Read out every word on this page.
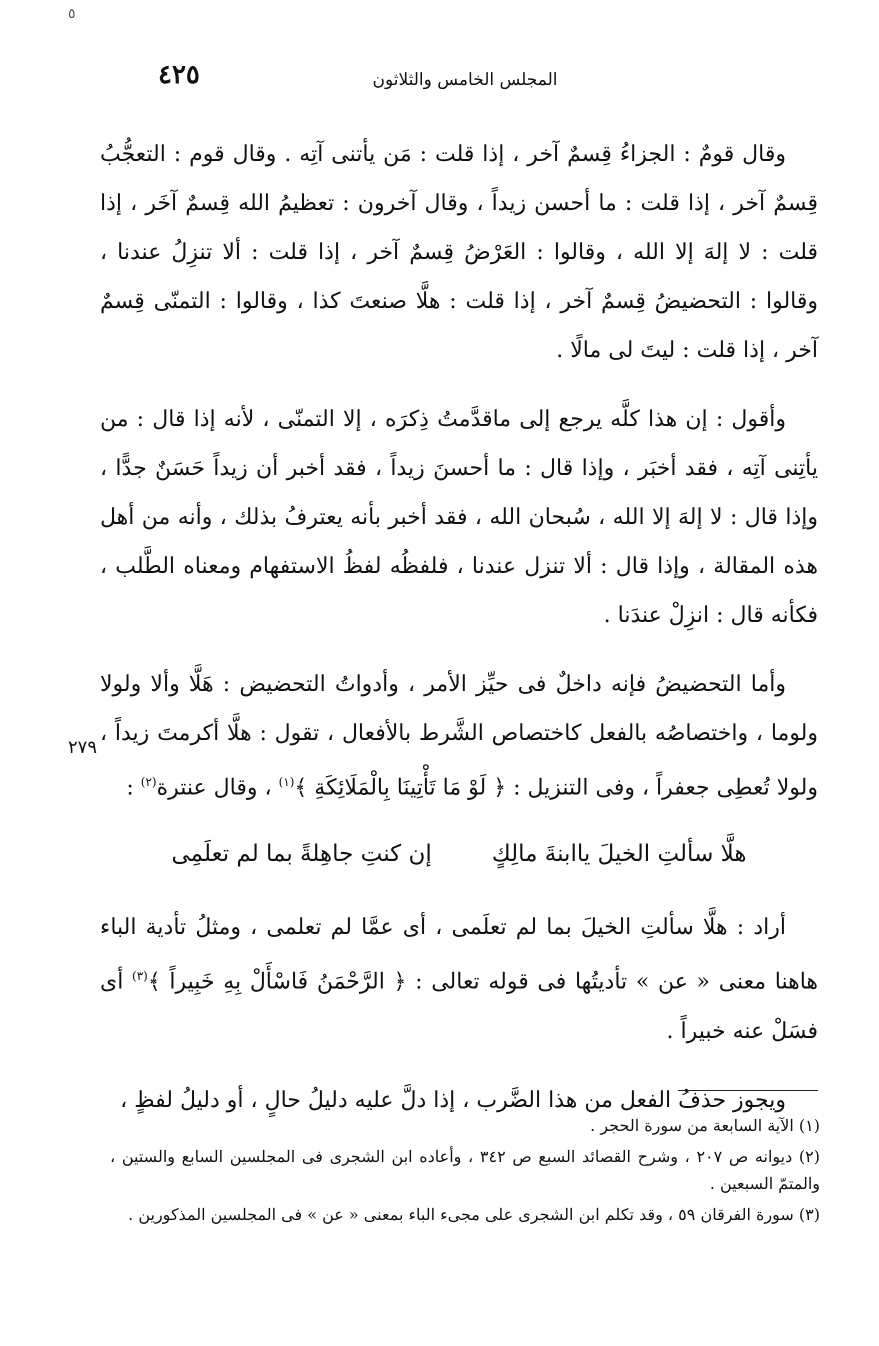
٥
المجلس الخامس والثلاثون
٤٢٥

وقال قومٌ : الجزاءُ قِسمٌ آخر ، إذا قلت : مَن يأتنى آتِه . وقال قوم : التعجُّبُ قِسمٌ آخر ، إذا قلت : ما أحسن زيداً ، وقال آخرون : تعظيمُ الله قِسمٌ آخَر ، إذا قلت : لا إلهَ إلا الله ، وقالوا : العَرْضُ قِسمٌ آخر ، إذا قلت : ألا تنزِلُ عندنا ، وقالوا : التحضيضُ قِسمٌ آخر ، إذا قلت : هلَّا صنعتَ كذا ، وقالوا : التمنّى قِسمٌ آخر ، إذا قلت : ليتَ لى مالًا .

وأقول : إن هذا كلَّه يرجع إلى ماقدَّمتُ ذِكرَه ، إلا التمنّى ، لأنه إذا قال : من يأتِنى آتِه ، فقد أخبَر ، وإذا قال : ما أحسنَ زيداً ، فقد أخبر أن زيداً حَسَنٌ جدًّا ، وإذا قال : لا إلهَ إلا الله ، سُبحان الله ، فقد أخبر بأنه يعترفُ بذلك ، وأنه من أهل هذه المقالة ، وإذا قال : ألا تنزل عندنا ، فلفظُه لفظُ الاستفهام ومعناه الطَّلب ، فكأنه قال : انزِلْ عندَنا .

وأما التحضيضُ فإنه داخلٌ فى حيِّز الأمر ، وأدواتُ التحضيض : هَلَّا وألا ولولا ولوما ، واختصاصُه بالفعل كاختصاص الشَّرط بالأفعال ، تقول : هلَّا أكرمتَ زيداً ، ولولا تُعطِى جعفراً ، وفى التنزيل : ﴿ لَوْ مَا تَأْتِينَا بِالْمَلَائِكَةِ ﴾$^{(١)}$ ، وقال عنترة$^{(٢)}$ :

هلَّا سألتِ الخيلَ ياابنةَ مالِكٍ
إن كنتِ جاهِلةً بما لم تعلَمِى

أراد : هلَّا سألتِ الخيلَ بما لم تعلَمى ، أى عمَّا لم تعلمى ، ومثلُ تأدية الباء هاهنا معنى « عن » تأديتُها فى قوله تعالى : ﴿ الرَّحْمَنُ فَاسْأَلْ بِهِ خَبِيراً ﴾$^{(٣)}$ أى فسَلْ عنه خبيراً .

ويجوز حذفُ الفعل من هذا الضَّرب ، إذا دلَّ عليه دليلُ حالٍ ، أو دليلُ لفظٍ ،

٢٧٩
(١) الآية السابعة من سورة الحجر .
(٢) ديوانه ص ٢٠٧ ، وشرح القصائد السبع ص ٣٤٢ ، وأعاده ابن الشجرى فى المجلسين السابع والستين ، والمتمّ السبعين .
(٣) سورة الفرقان ٥٩ ، وقد تكلم ابن الشجرى على مجىء الباء بمعنى « عن » فى المجلسين المذكورين .
